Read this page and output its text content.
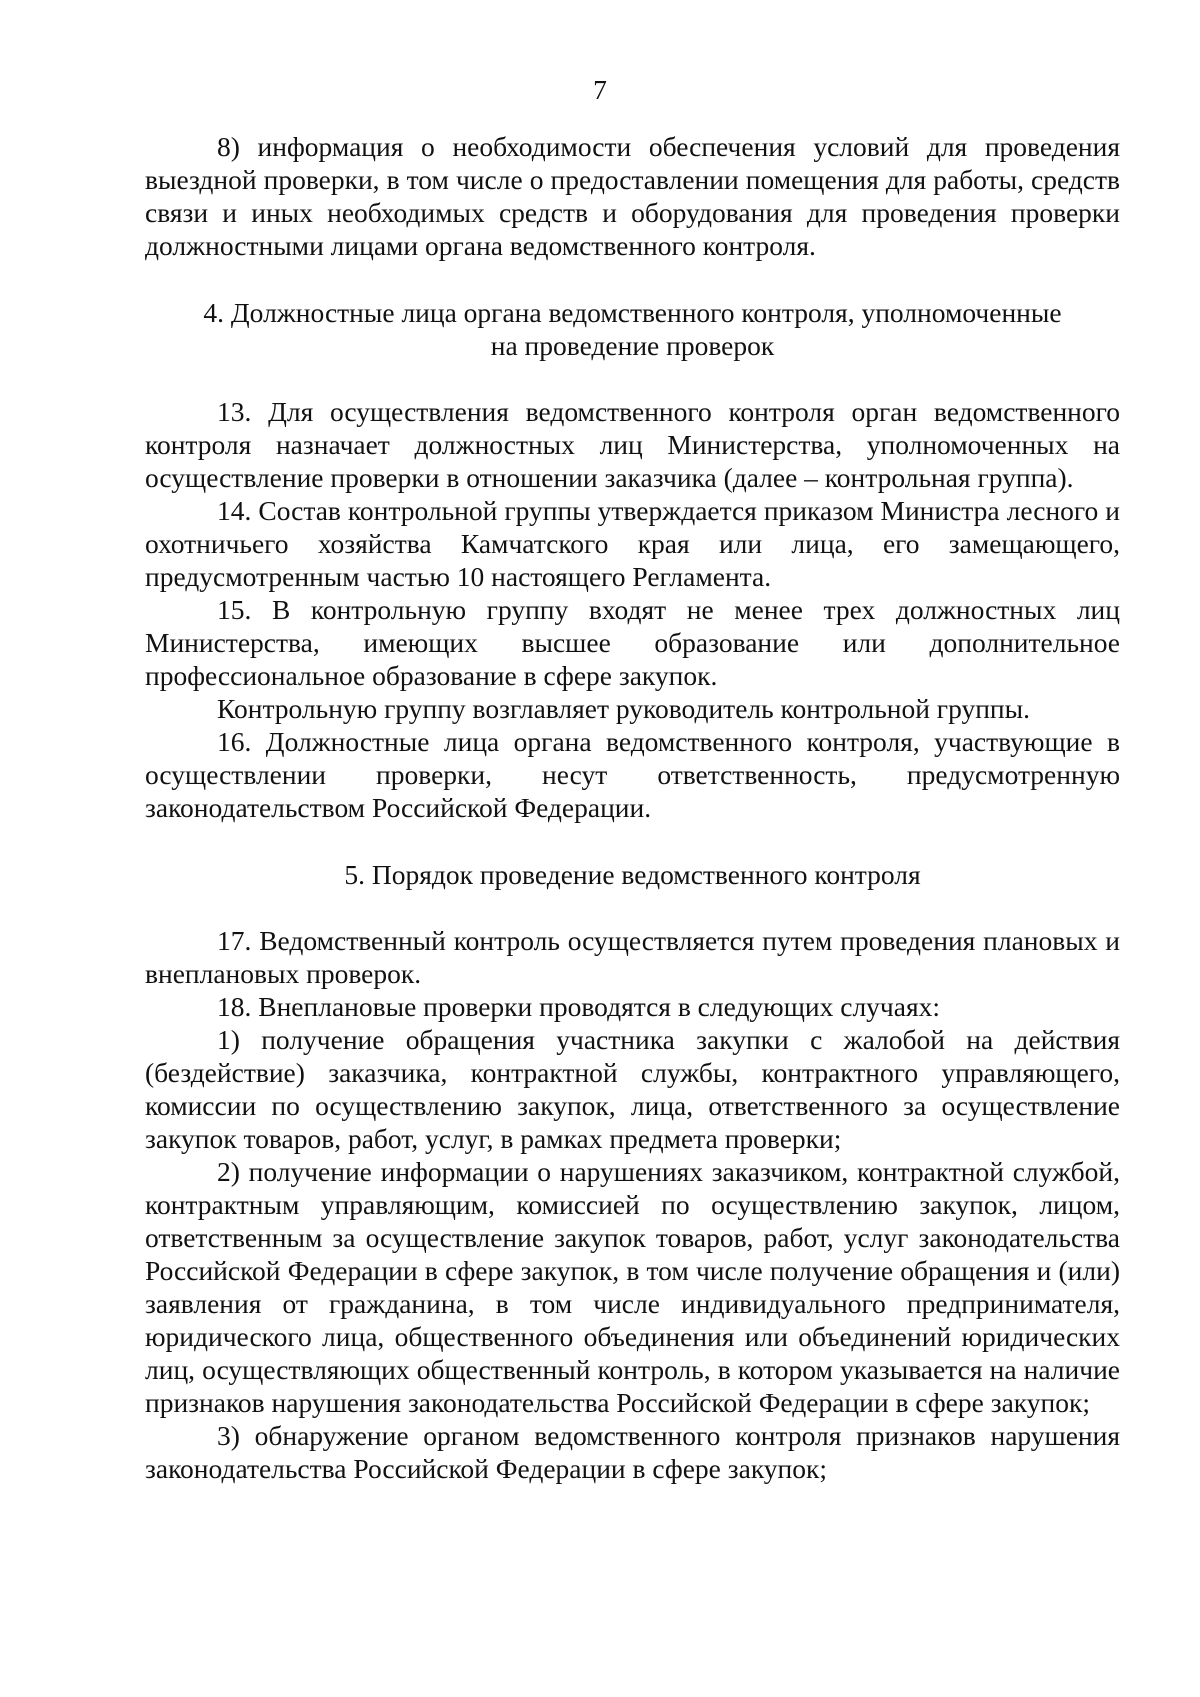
7

8) информация о необходимости обеспечения условий для проведения выездной проверки, в том числе о предоставлении помещения для работы, средств связи и иных необходимых средств и оборудования для проведения проверки должностными лицами органа ведомственного контроля.

4. Должностные лица органа ведомственного контроля, уполномоченные

на проведение проверок

13. Для осуществления ведомственного контроля орган ведомственного контроля назначает должностных лиц Министерства, уполномоченных на осуществление проверки в отношении заказчика (далее – контрольная группа).

14. Состав контрольной группы утверждается приказом Министра лесного и охотничьего хозяйства Камчатского края или лица, его замещающего, предусмотренным частью 10 настоящего Регламента.

15. В контрольную группу входят не менее трех должностных лиц Министерства, имеющих высшее образование или дополнительное профессиональное образование в сфере закупок.

Контрольную группу возглавляет руководитель контрольной группы.

16. Должностные лица органа ведомственного контроля, участвующие в осуществлении проверки, несут ответственность, предусмотренную законодательством Российской Федерации.

5. Порядок проведение ведомственного контроля

17. Ведомственный контроль осуществляется путем проведения плановых и внеплановых проверок.

18. Внеплановые проверки проводятся в следующих случаях:

1) получение обращения участника закупки с жалобой на действия (бездействие) заказчика, контрактной службы, контрактного управляющего, комиссии по осуществлению закупок, лица, ответственного за осуществление закупок товаров, работ, услуг, в рамках предмета проверки;

2) получение информации о нарушениях заказчиком, контрактной службой, контрактным управляющим, комиссией по осуществлению закупок, лицом, ответственным за осуществление закупок товаров, работ, услуг законодательства Российской Федерации в сфере закупок, в том числе получение обращения и (или) заявления от гражданина, в том числе индивидуального предпринимателя, юридического лица, общественного объединения или объединений юридических лиц, осуществляющих общественный контроль, в котором указывается на наличие признаков нарушения законодательства Российской Федерации в сфере закупок;

3) обнаружение органом ведомственного контроля признаков нарушения законодательства Российской Федерации в сфере закупок;
